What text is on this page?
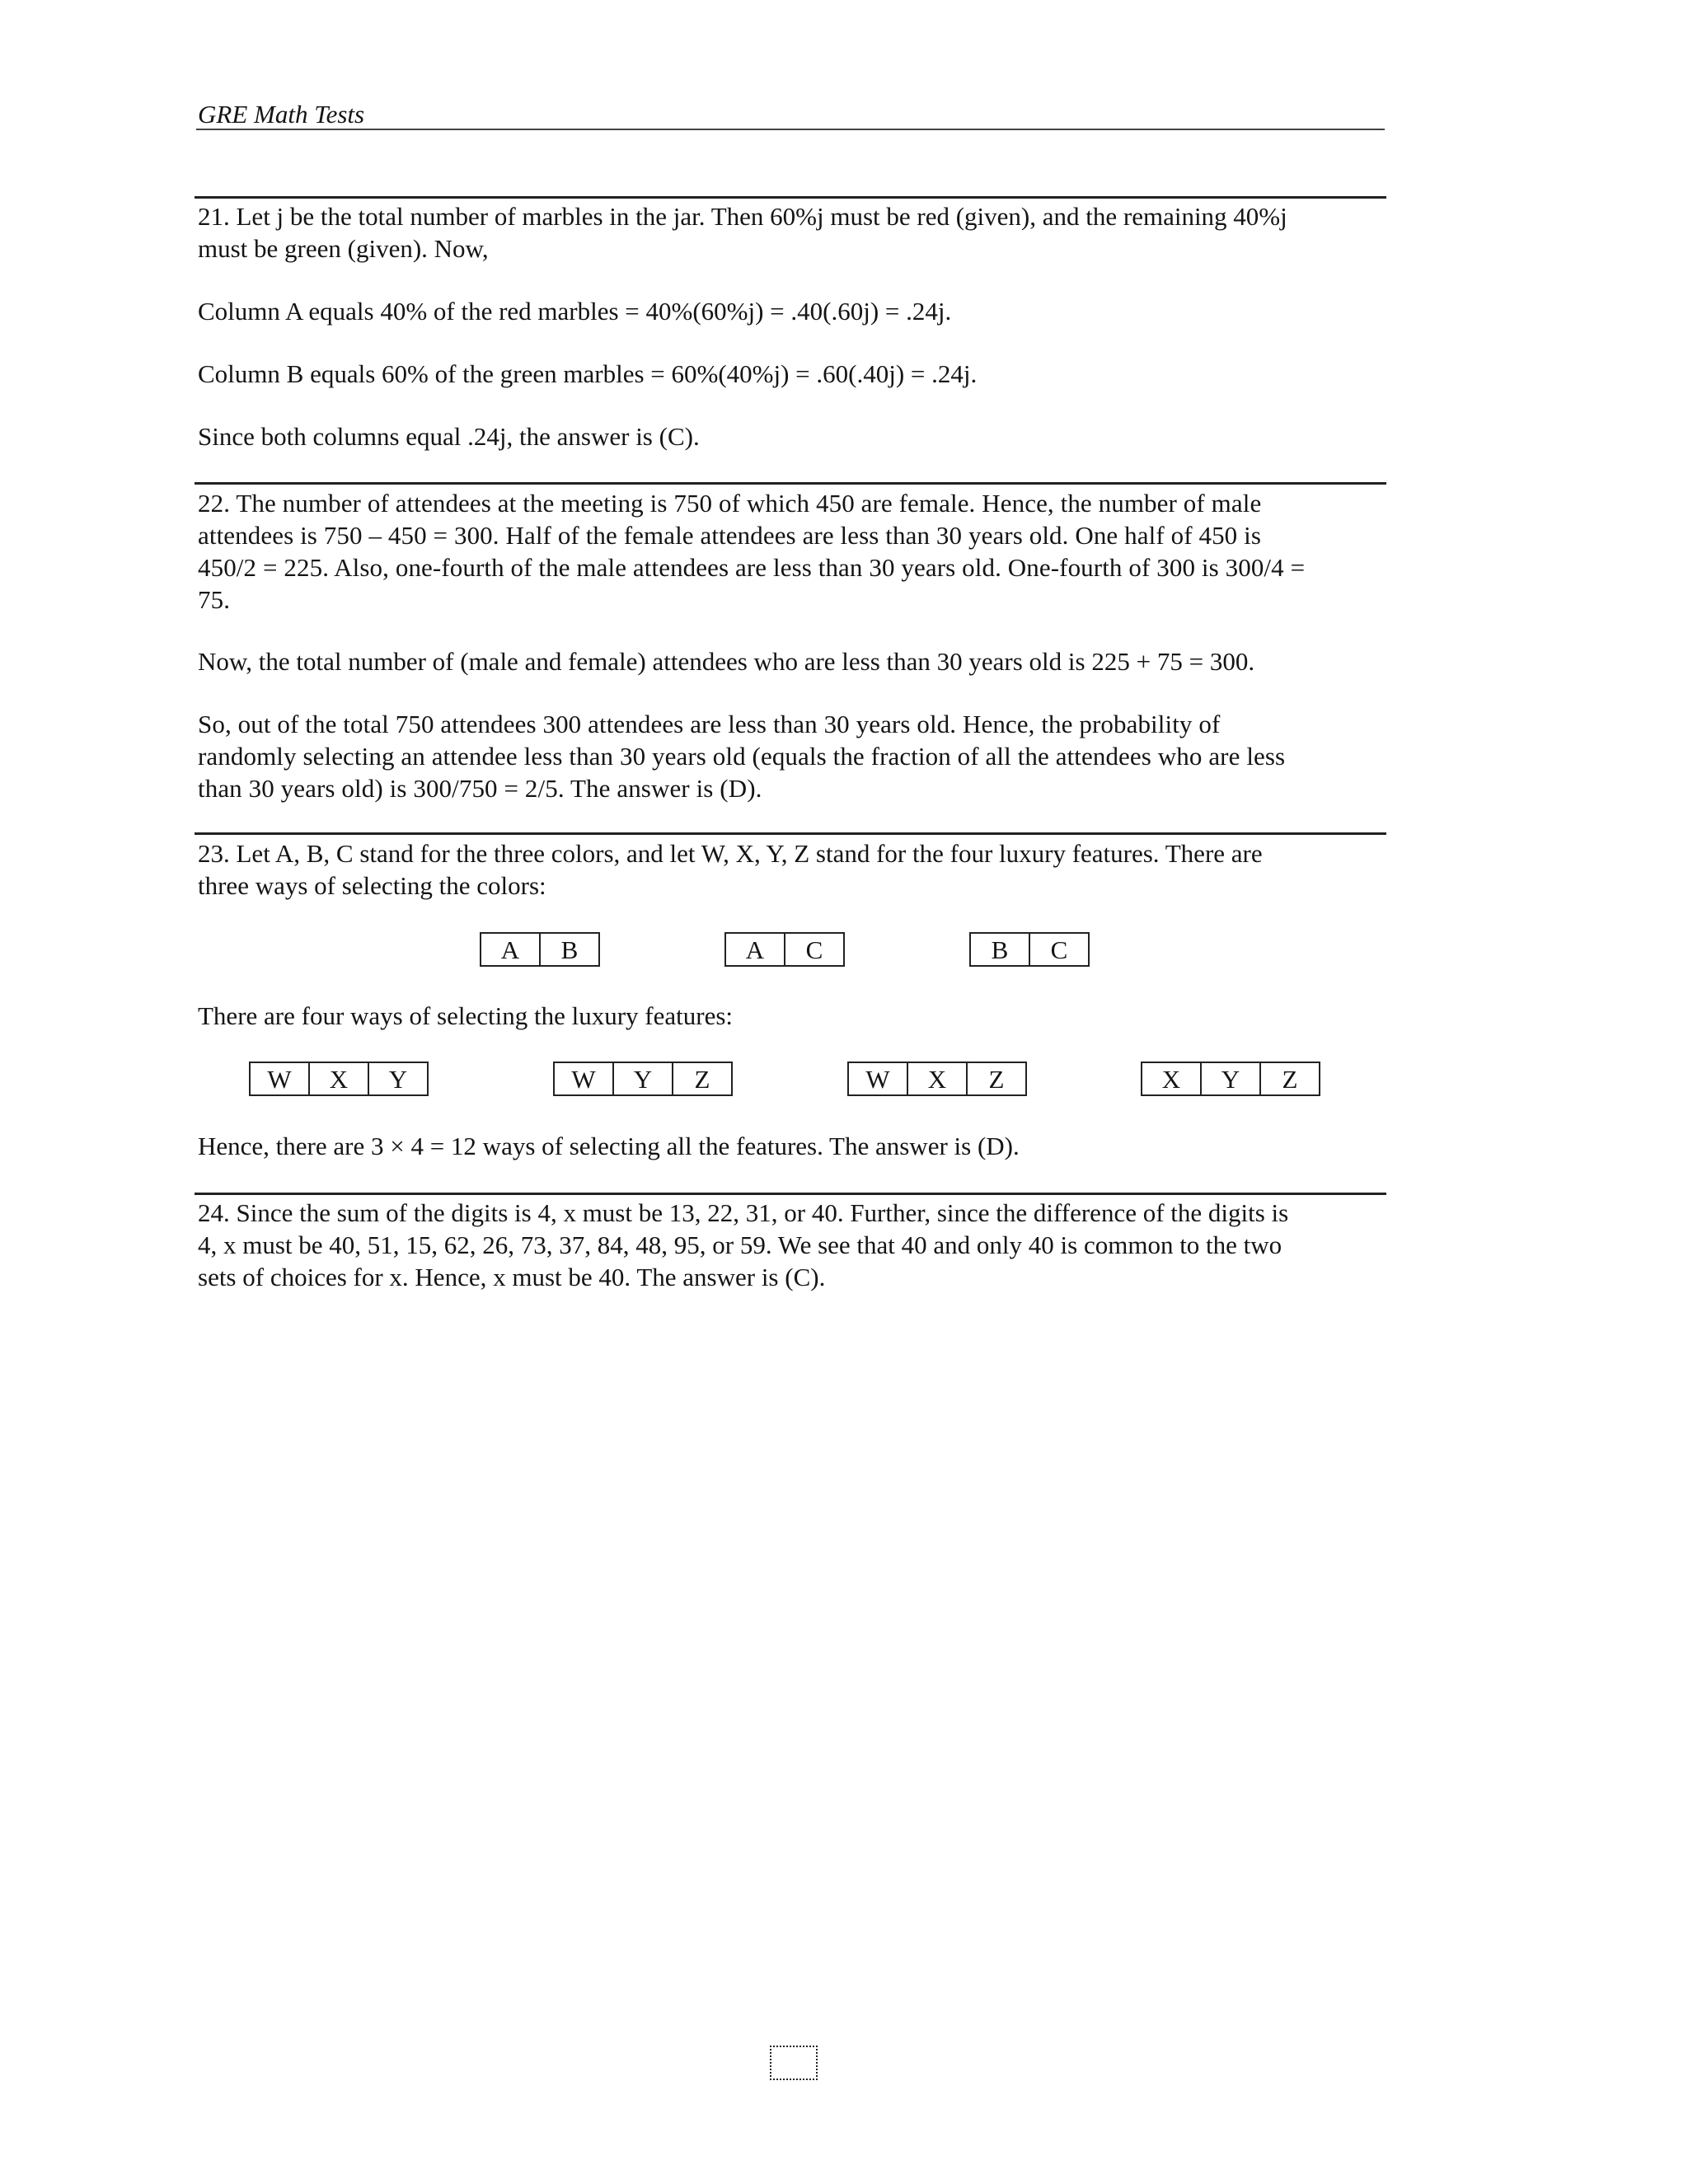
GRE Math Tests

21. Let j be the total number of marbles in the jar. Then 60%j must be red (given), and the remaining 40%j

must be green (given). Now,

Column A equals 40% of the red marbles = 40%(60%j) = .40(.60j) = .24j.
Column B equals 60% of the green marbles = 60%(40%j) = .60(.40j) = .24j.
Since both columns equal .24j, the answer is (C).

22. The number of attendees at the meeting is 750 of which 450 are female. Hence, the number of male

attendees is 750 – 450 = 300. Half of the female attendees are less than 30 years old. One half of 450 is

450/2 = 225. Also, one-fourth of the male attendees are less than 30 years old. One-fourth of 300 is 300/4 =

75.

Now, the total number of (male and female) attendees who are less than 30 years old is 225 + 75 = 300.

So, out of the total 750 attendees 300 attendees are less than 30 years old. Hence, the probability of

randomly selecting an attendee less than 30 years old (equals the fraction of all the attendees who are less

than 30 years old) is 300/750 = 2/5. The answer is (D).

23. Let A, B, C stand for the three colors, and let W, X, Y, Z stand for the four luxury features. There are

three ways of selecting the colors:

A	B	A	C	B	C
There are four ways of selecting the luxury features:
W	X	Y	W	Y	Z	W	X	Z	X	Y	Z
Hence, there are 3 × 4 = 12 ways of selecting all the features. The answer is (D).

24. Since the sum of the digits is 4, x must be 13, 22, 31, or 40. Further, since the difference of the digits is

4, x must be 40, 51, 15, 62, 26, 73, 37, 84, 48, 95, or 59. We see that 40 and only 40 is common to the two

sets of choices for x. Hence, x must be 40. The answer is (C).
